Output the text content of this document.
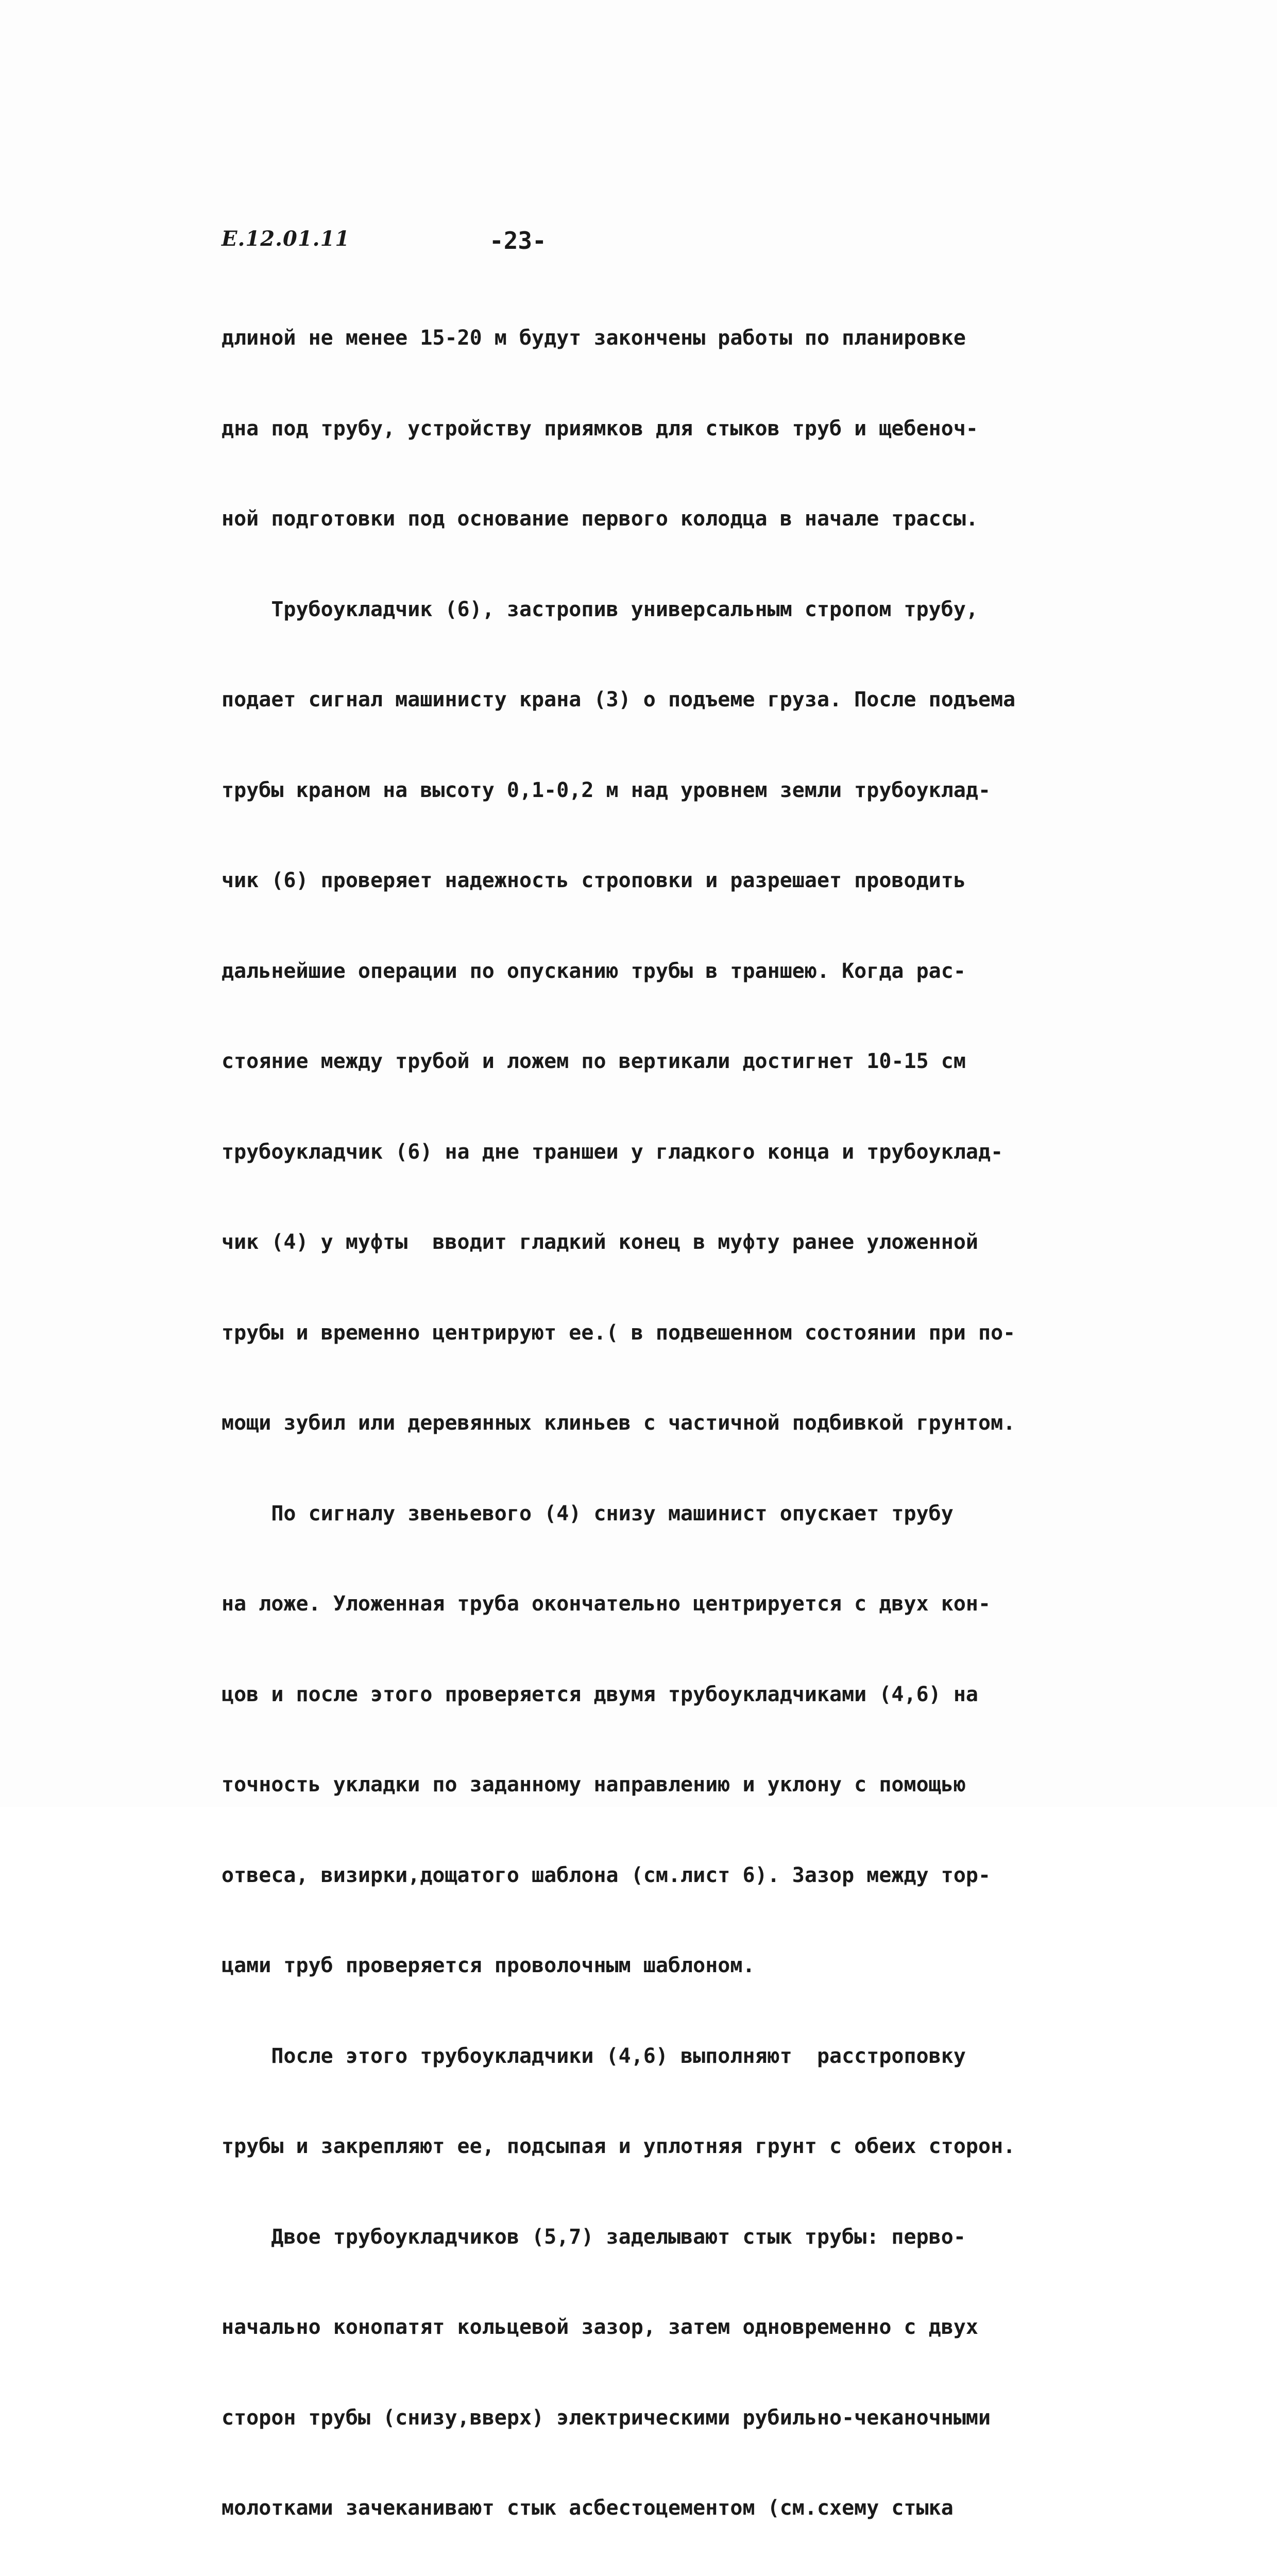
Е.12.01.11	-23-

длиной не менее 15-20 м будут закончены работы по планировке

дна под трубу, устройству приямков для стыков труб и щебеноч-

ной подготовки под основание первого колодца в начале трассы.

Трубоукладчик (6), застропив универсальным стропом трубу,

подает сигнал машинисту крана (3) о подъеме груза. После подъема

трубы краном на высоту 0,1-0,2 м над уровнем земли трубоуклад-

чик (6) проверяет надежность строповки и разрешает проводить

дальнейшие операции по опусканию трубы в траншею. Когда рас-

стояние между трубой и ложем по вертикали достигнет 10-15 см

трубоукладчик (6) на дне траншеи у гладкого конца и трубоуклад-

чик (4) у муфты  вводит гладкий конец в муфту ранее уложенной

трубы и временно центрируют ее.( в подвешенном состоянии при по-

мощи зубил или деревянных клиньев с частичной подбивкой грунтом.

По сигналу звеньевого (4) снизу машинист опускает трубу

на ложе. Уложенная труба окончательно центрируется с двух кон-

цов и после этого проверяется двумя трубоукладчиками (4,6) на

точность укладки по заданному направлению и уклону с помощью

отвеса, визирки,дощатого шаблона (см.лист 6). Зазор между тор-

цами труб проверяется проволочным шаблоном.

После этого трубоукладчики (4,6) выполняют  расстроповку

трубы и закрепляют ее, подсыпая и уплотняя грунт с обеих сторон.

Двое трубоукладчиков (5,7) заделывают стык трубы: перво-

начально конопатят кольцевой зазор, затем одновременно с двух

сторон трубы (снизу,вверх) электрическими рубильно-чеканочными

молотками зачеканивают стык асбестоцементом (см.схему стыка
